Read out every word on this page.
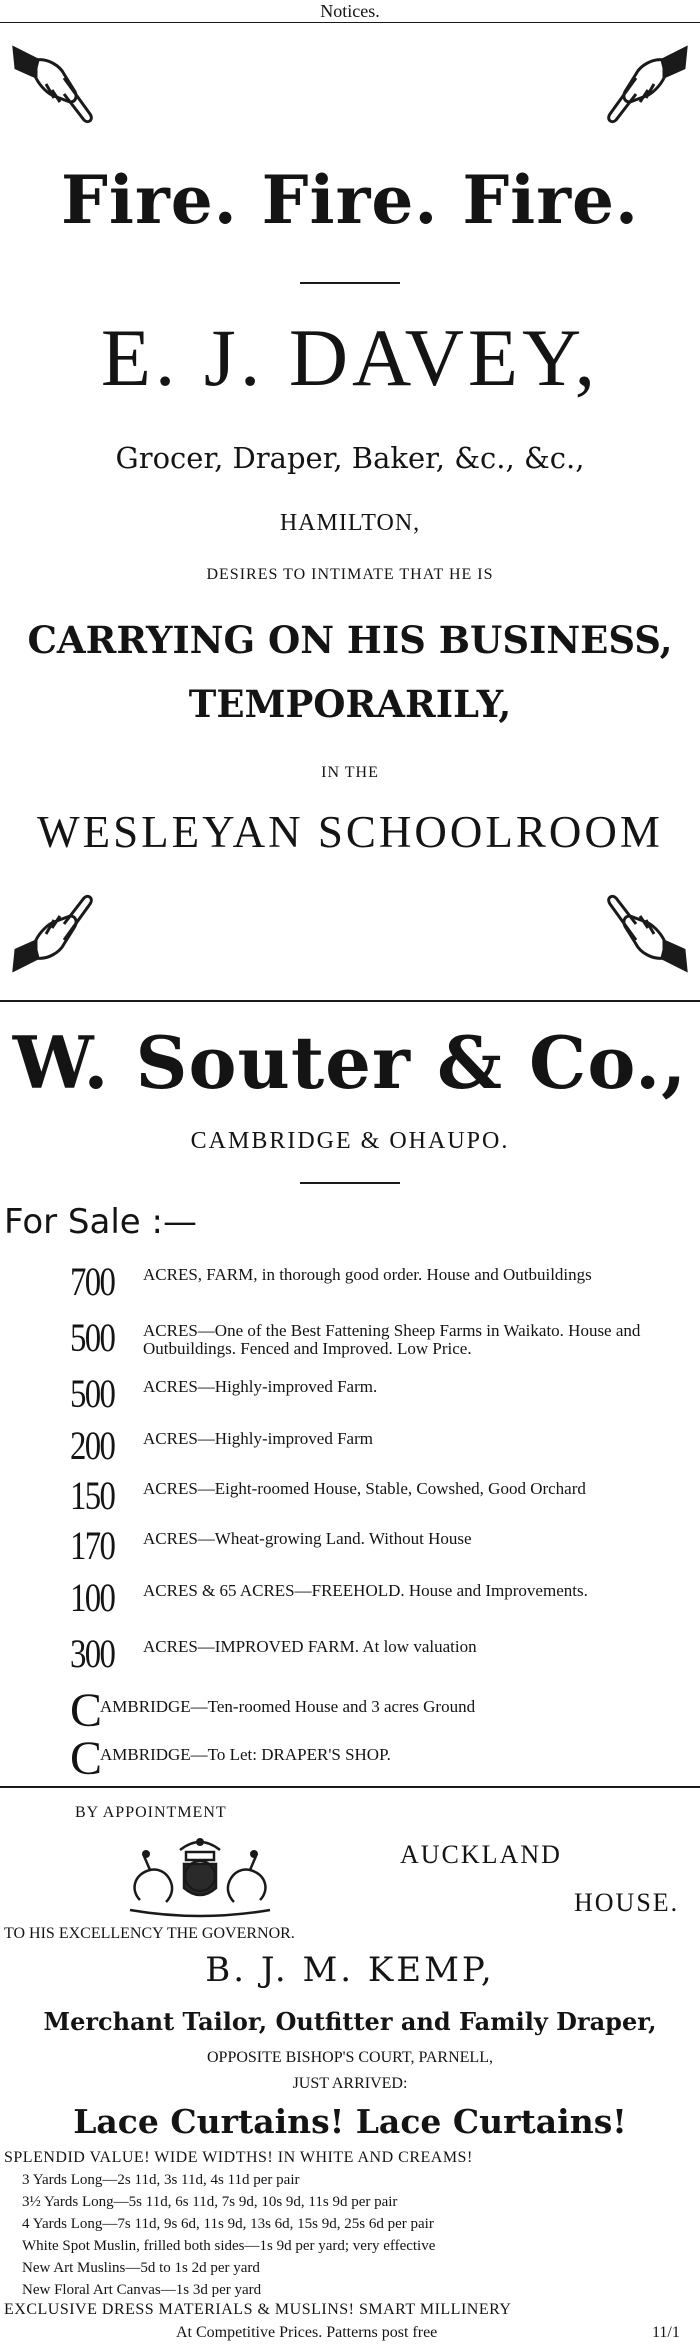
Notices.
Fire. Fire. Fire.
E. J. DAVEY,
Grocer, Draper, Baker, &c., &c.,
HAMILTON,
DESIRES TO INTIMATE THAT HE IS
CARRYING ON HIS BUSINESS,
TEMPORARILY,
IN THE
WESLEYAN SCHOOLROOM
W. Souter & Co.,
CAMBRIDGE & OHAUPO.
For Sale :—
700 ACRES, FARM, in thorough good order. House and Outbuildings
500 ACRES—One of the Best Fattening Sheep Farms in Waikato. House and Outbuildings. Fenced and Improved. Low Price.
500 ACRES—Highly-improved Farm.
200 ACRES—Highly-improved Farm
150 ACRES—Eight-roomed House, Stable, Cowshed, Good Orchard
170 ACRES—Wheat-growing Land. Without House
100 ACRES & 65 ACRES—FREEHOLD. House and Improvements.
300 ACRES—IMPROVED FARM. At low valuation
C
AMBRIDGE—Ten-roomed House and 3 acres Ground
C
AMBRIDGE—To Let: DRAPER'S SHOP.
BY APPOINTMENT
AUCKLAND
HOUSE.
TO HIS EXCELLENCY THE GOVERNOR.
B. J. M. KEMP,
Merchant Tailor, Outfitter and Family Draper,
OPPOSITE BISHOP'S COURT, PARNELL,
JUST ARRIVED:
Lace Curtains! Lace Curtains!
SPLENDID VALUE! WIDE WIDTHS! IN WHITE AND CREAMS!
3 Yards Long—2s 11d, 3s 11d, 4s 11d per pair
3½ Yards Long—5s 11d, 6s 11d, 7s 9d, 10s 9d, 11s 9d per pair
4 Yards Long—7s 11d, 9s 6d, 11s 9d, 13s 6d, 15s 9d, 25s 6d per pair
White Spot Muslin, frilled both sides—1s 9d per yard; very effective
New Art Muslins—5d to 1s 2d per yard
New Floral Art Canvas—1s 3d per yard
EXCLUSIVE DRESS MATERIALS & MUSLINS! SMART MILLINERY
At Competitive Prices. Patterns post free	11/1
